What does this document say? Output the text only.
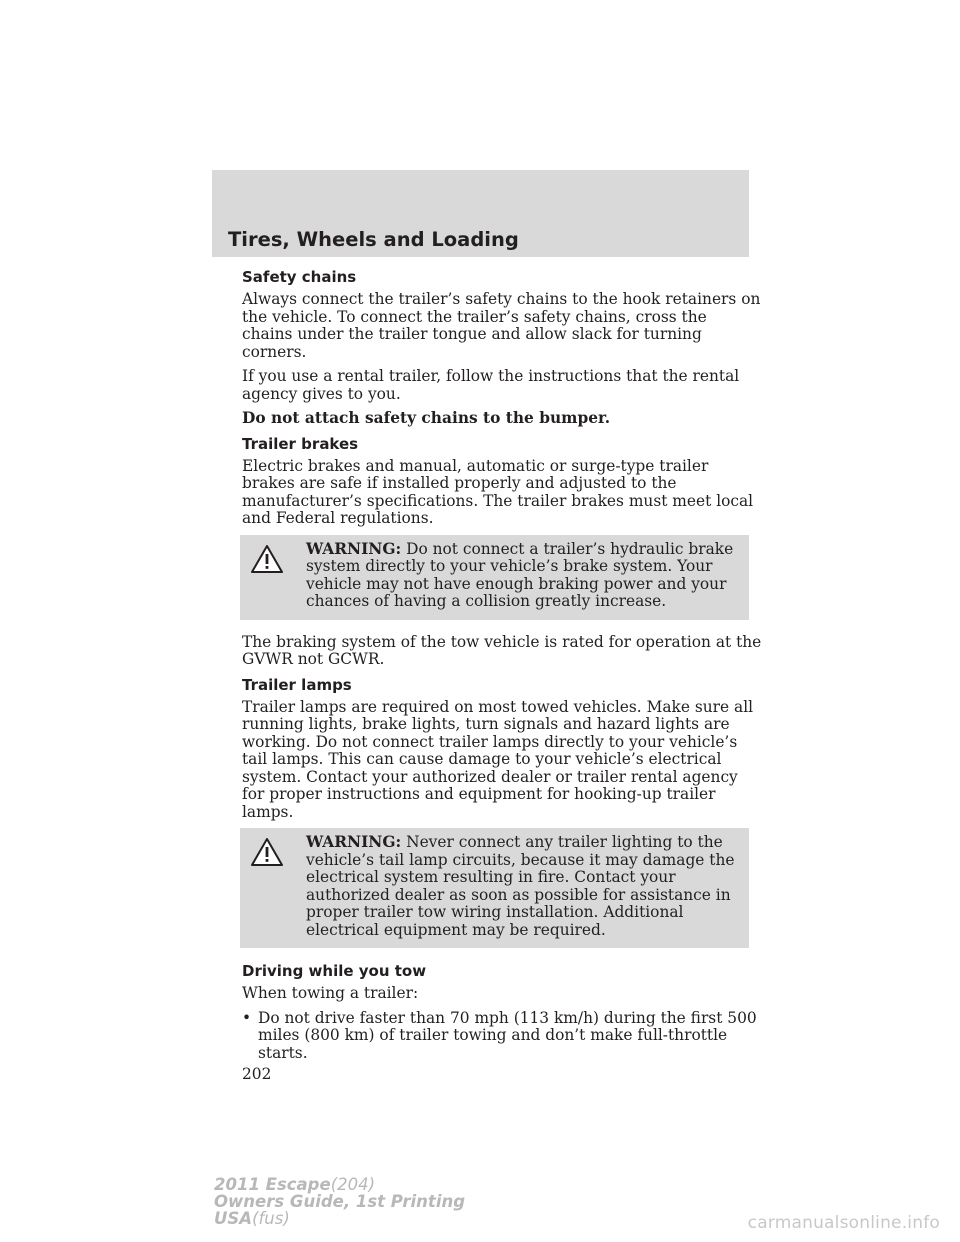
Tires, Wheels and Loading
Safety chains

Always connect the trailer’s safety chains to the hook retainers on the vehicle. To connect the trailer’s safety chains, cross the chains under the trailer tongue and allow slack for turning corners.

If you use a rental trailer, follow the instructions that the rental agency gives to you.

Do not attach safety chains to the bumper.

Trailer brakes

Electric brakes and manual, automatic or surge-type trailer brakes are safe if installed properly and adjusted to the manufacturer’s specifications. The trailer brakes must meet local and Federal regulations.

WARNING: Do not connect a trailer’s hydraulic brake system directly to your vehicle’s brake system. Your vehicle may not have enough braking power and your chances of having a collision greatly increase.

The braking system of the tow vehicle is rated for operation at the GVWR not GCWR.

Trailer lamps

Trailer lamps are required on most towed vehicles. Make sure all running lights, brake lights, turn signals and hazard lights are working. Do not connect trailer lamps directly to your vehicle’s tail lamps. This can cause damage to your vehicle’s electrical system. Contact your authorized dealer or trailer rental agency for proper instructions and equipment for hooking-up trailer lamps.

WARNING: Never connect any trailer lighting to the vehicle’s tail lamp circuits, because it may damage the electrical system resulting in fire. Contact your authorized dealer as soon as possible for assistance in proper trailer tow wiring installation. Additional electrical equipment may be required.
Driving while you tow

When towing a trailer:

• Do not drive faster than 70 mph (113 km/h) during the first 500 miles (800 km) of trailer towing and don’t make full-throttle starts.

202

2011 Escape(204)
Owners Guide, 1st Printing
USA(fus)	carmanualsonline.info
